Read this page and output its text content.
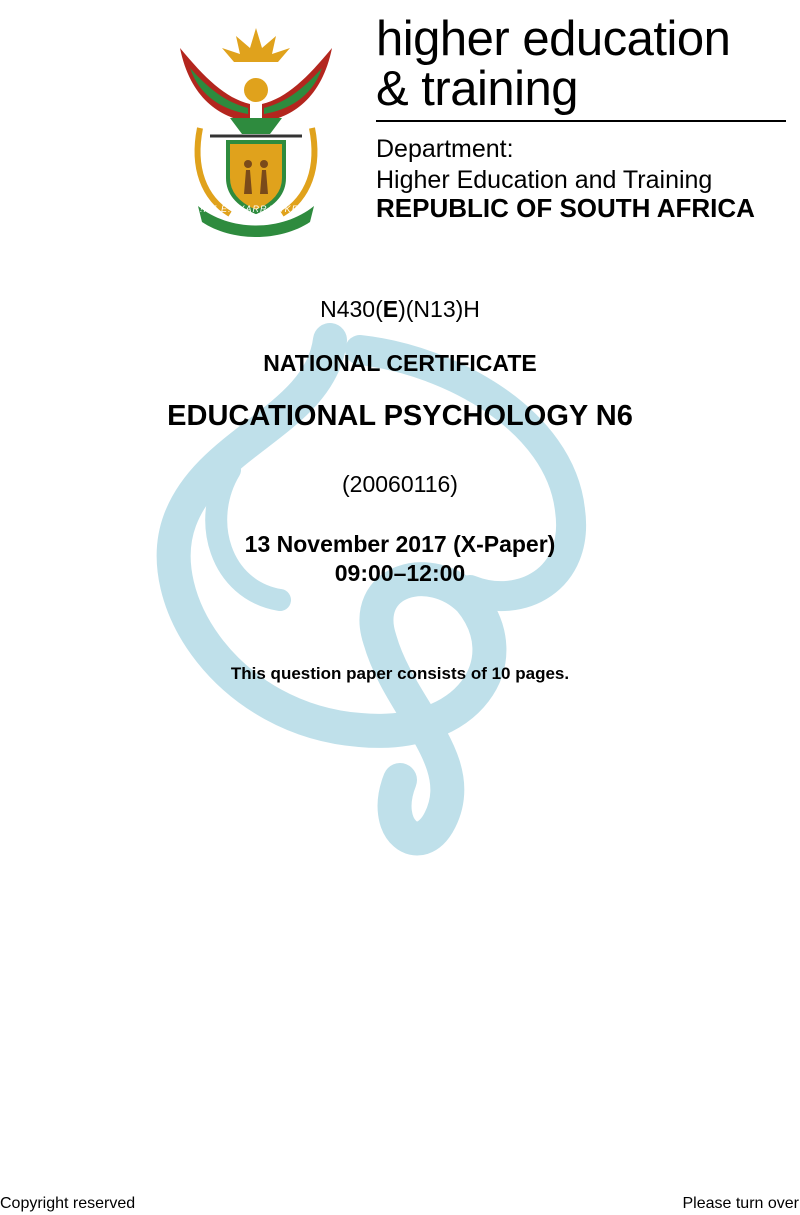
!KE E: /XARRA //KE
higher education
& training
Department:
Higher Education and Training
REPUBLIC OF SOUTH AFRICA
N430(E)(N13)H
NATIONAL CERTIFICATE
EDUCATIONAL PSYCHOLOGY N6
(20060116)
13 November 2017 (X-Paper)
09:00–12:00
This question paper consists of 10 pages.
Copyright reserved	Please turn over
